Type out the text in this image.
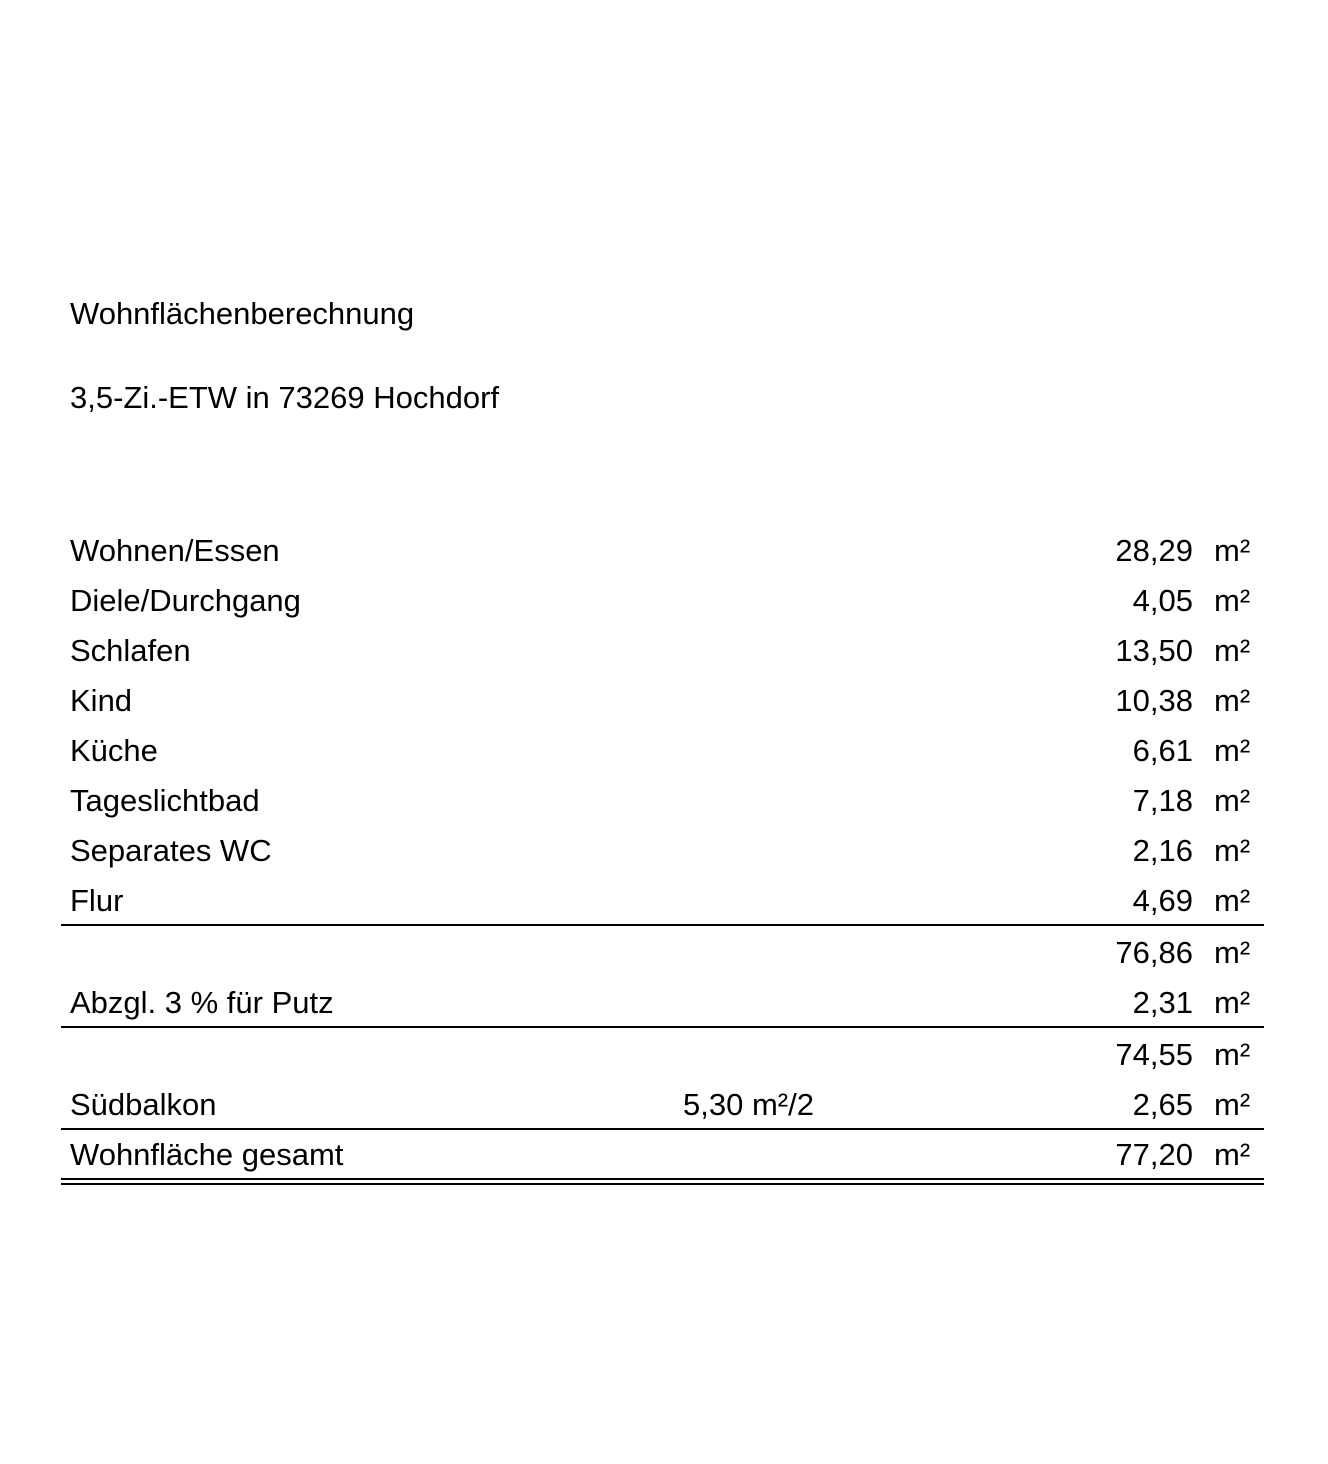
Wohnflächenberechnung
3,5-Zi.-ETW in 73269 Hochdorf
Wohnen/Essen	28,29 m²
Diele/Durchgang	4,05 m²
Schlafen	13,50 m²
Kind	10,38 m²
Küche	6,61 m²
Tageslichtbad	7,18 m²
Separates WC	2,16 m²
Flur	4,69 m²
76,86 m²
Abzgl. 3 % für Putz	2,31 m²
74,55 m²
Südbalkon	5,30 m²/2	2,65 m²
Wohnfläche gesamt	77,20 m²
